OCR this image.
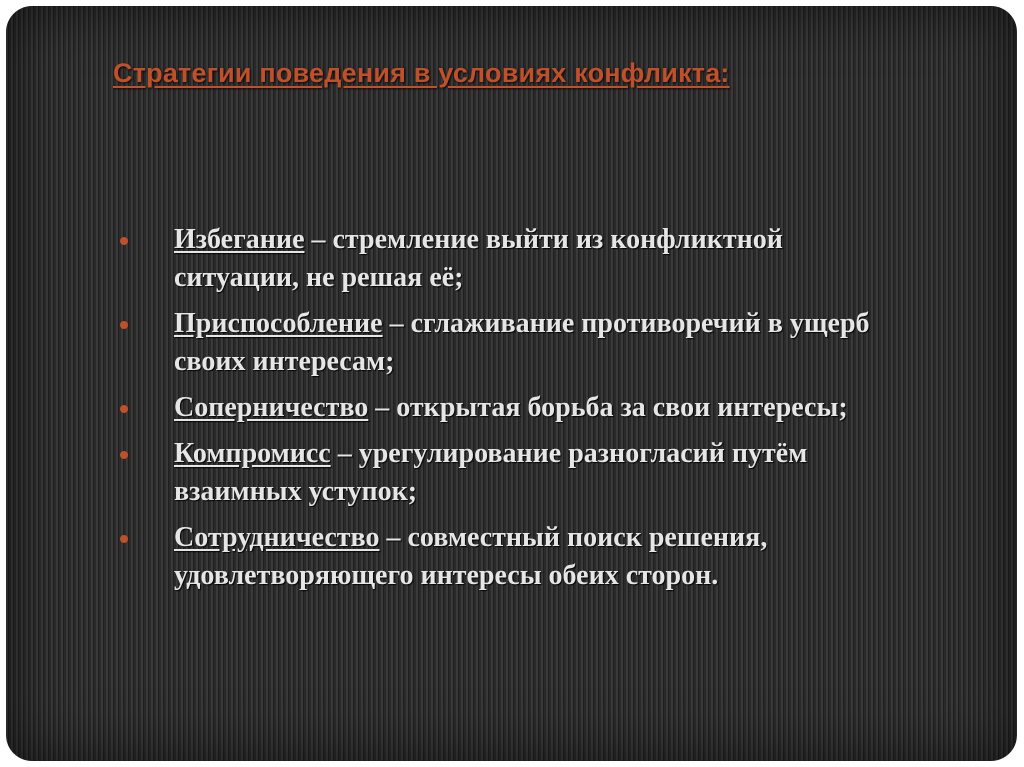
Стратегии поведения в условиях конфликта:
Избегание – стремление выйти из конфликтной ситуации, не решая её;
Приспособление – сглаживание противоречий в ущерб своих интересам;
Соперничество – открытая борьба за свои интересы;
Компромисс – урегулирование разногласий путём взаимных уступок;
Сотрудничество – совместный поиск решения, удовлетворяющего интересы обеих сторон.
